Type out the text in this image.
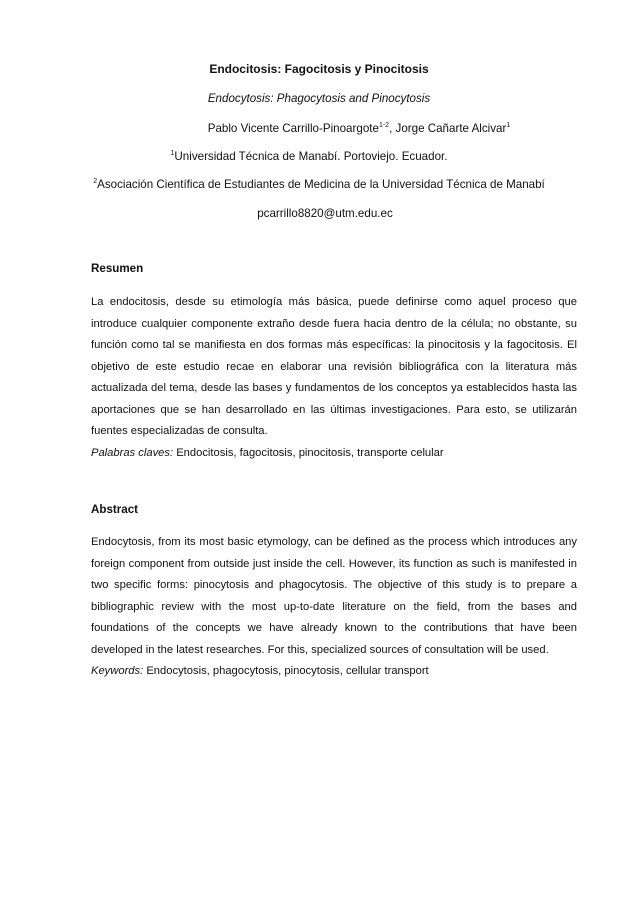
Endocitosis: Fagocitosis y Pinocitosis
Endocytosis: Phagocytosis and Pinocytosis
Pablo Vicente Carrillo-Pinoargote$^{1-2}$, Jorge Cañarte Alcivar$^1$
$^1$Universidad Técnica de Manabí. Portoviejo. Ecuador.
$^2$Asociación Científica de Estudiantes de Medicina de la Universidad Técnica de Manabí
pcarrillo8820@utm.edu.ec
Resumen
La endocitosis, desde su etimología más básica, puede definirse como aquel proceso que introduce cualquier componente extraño desde fuera hacia dentro de la célula; no obstante, su función como tal se manifiesta en dos formas más específicas: la pinocitosis y la fagocitosis. El objetivo de este estudio recae en elaborar una revisión bibliográfica con la literatura más actualizada del tema, desde las bases y fundamentos de los conceptos ya establecidos hasta las aportaciones que se han desarrollado en las últimas investigaciones. Para esto, se utilizarán fuentes especializadas de consulta.
Palabras claves: Endocitosis, fagocitosis, pinocitosis, transporte celular
Abstract
Endocytosis, from its most basic etymology, can be defined as the process which introduces any foreign component from outside just inside the cell. However, its function as such is manifested in two specific forms: pinocytosis and phagocytosis. The objective of this study is to prepare a bibliographic review with the most up-to-date literature on the field, from the bases and foundations of the concepts we have already known to the contributions that have been developed in the latest researches. For this, specialized sources of consultation will be used.
Keywords: Endocytosis, phagocytosis, pinocytosis, cellular transport
